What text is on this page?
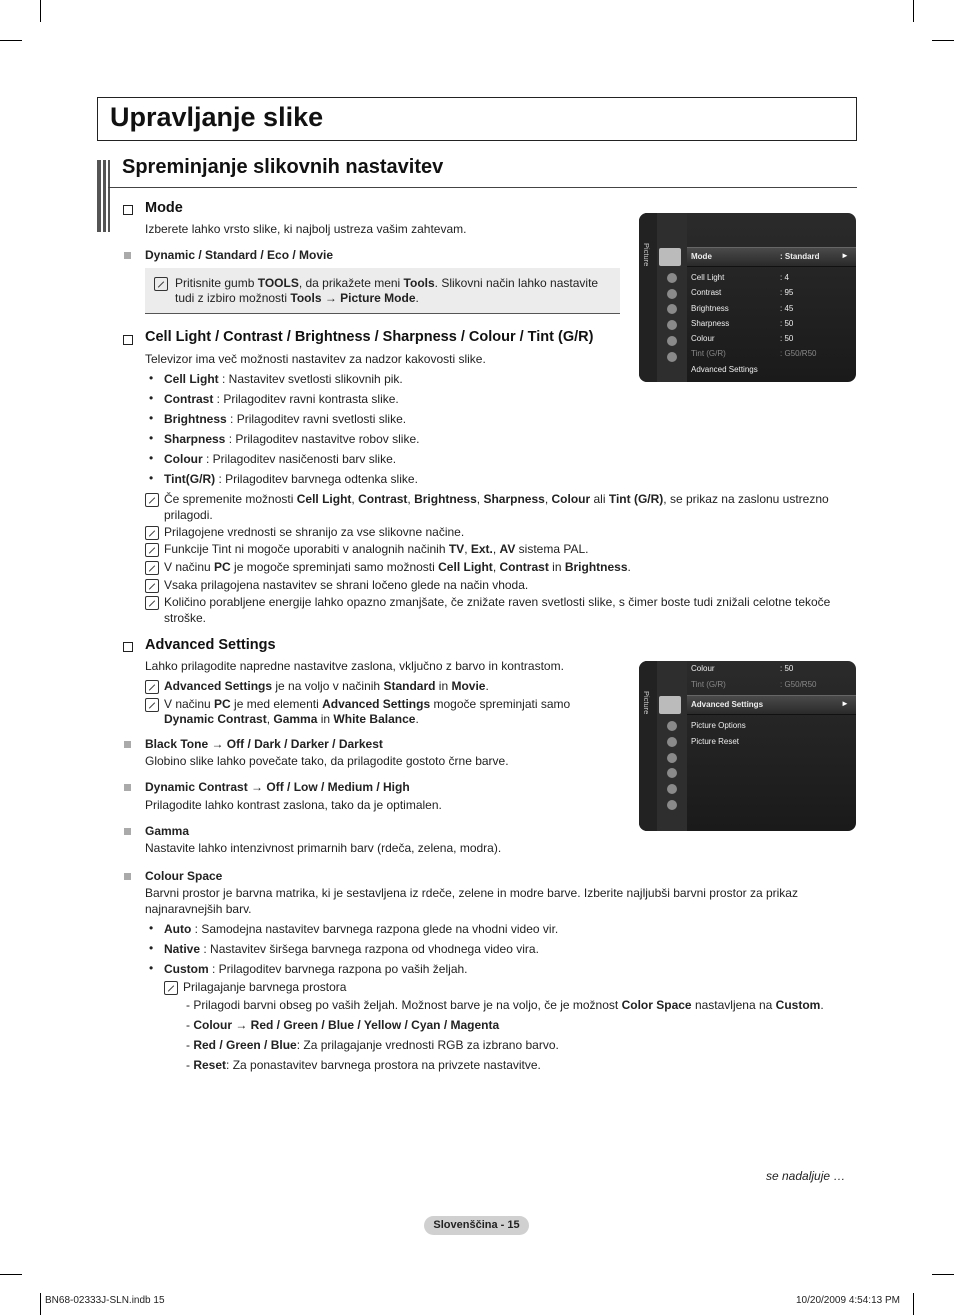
Upravljanje slike
Spreminjanje slikovnih nastavitev
Mode
Izberete lahko vrsto slike, ki najbolj ustreza vašim zahtevam.
Dynamic / Standard / Eco / Movie
Pritisnite gumb TOOLS, da prikažete meni Tools. Slikovni način lahko nastavite
tudi z izbiro možnosti Tools → Picture Mode.
Picture	Mode	: Standard	►
Cell Light	: 4
Contrast	: 95
Brightness	: 45
Sharpness	: 50
Colour	: 50
Tint (G/R)	: G50/R50
Advanced Settings
Cell Light / Contrast / Brightness / Sharpness / Colour / Tint (G/R)
Televizor ima več možnosti nastavitev za nadzor kakovosti slike.
• Cell Light : Nastavitev svetlosti slikovnih pik.
• Contrast : Prilagoditev ravni kontrasta slike.
• Brightness : Prilagoditev ravni svetlosti slike.
• Sharpness : Prilagoditev nastavitve robov slike.
• Colour : Prilagoditev nasičenosti barv slike.
• Tint(G/R) : Prilagoditev barvnega odtenka slike.
Če spremenite možnosti Cell Light, Contrast, Brightness, Sharpness, Colour ali Tint (G/R), se prikaz na zaslonu ustrezno
prilagodi.
Prilagojene vrednosti se shranijo za vse slikovne načine.
Funkcije Tint ni mogoče uporabiti v analognih načinih TV, Ext., AV sistema PAL.
V načinu PC je mogoče spreminjati samo možnosti Cell Light, Contrast in Brightness.
Vsaka prilagojena nastavitev se shrani ločeno glede na način vhoda.
Količino porabljene energije lahko opazno zmanjšate, če znižate raven svetlosti slike, s čimer boste tudi znižali celotne tekoče
stroške.
Advanced Settings
Lahko prilagodite napredne nastavitve zaslona, vključno z barvo in kontrastom.
Advanced Settings je na voljo v načinih Standard in Movie.
V načinu PC je med elementi Advanced Settings mogoče spreminjati samo
Dynamic Contrast, Gamma in White Balance.
Black Tone → Off / Dark / Darker / Darkest
Globino slike lahko povečate tako, da prilagodite gostoto črne barve.
Dynamic Contrast → Off / Low / Medium / High
Prilagodite lahko kontrast zaslona, tako da je optimalen.
Gamma
Nastavite lahko intenzivnost primarnih barv (rdeča, zelena, modra).
Colour Space
Barvni prostor je barvna matrika, ki je sestavljena iz rdeče, zelene in modre barve. Izberite najljubši barvni prostor za prikaz
najnaravnejših barv.
• Auto : Samodejna nastavitev barvnega razpona glede na vhodni video vir.
• Native : Nastavitev širšega barvnega razpona od vhodnega video vira.
• Custom : Prilagoditev barvnega razpona po vaših željah.
Prilagajanje barvnega prostora
- Prilagodi barvni obseg po vaših željah. Možnost barve je na voljo, če je možnost Color Space nastavljena na Custom.
- Colour → Red / Green / Blue / Yellow / Cyan / Magenta
- Red / Green / Blue: Za prilagajanje vrednosti RGB za izbrano barvo.
- Reset: Za ponastavitev barvnega prostora na privzete nastavitve.
Picture
Colour	: 50
Tint (G/R)	: G50/R50
Advanced Settings	►
Picture Options
Picture Reset
se nadaljuje …
Slovenščina - 15
BN68-02333J-SLN.indb 15	10/20/2009 4:54:13 PM
